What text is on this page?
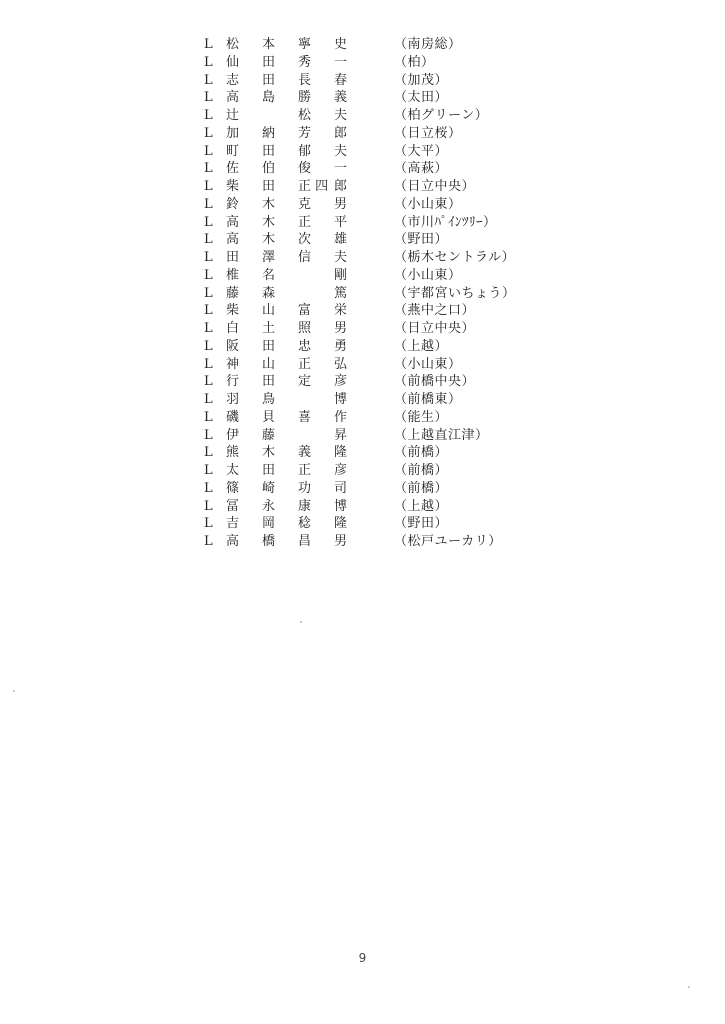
L 松 本 寧 史	（南房総）
L 仙 田 秀 一	（柏）
L 志 田 長 春	（加茂）
L 高 島 勝 義	（太田）
L 辻	松 夫	（柏グリーン）
L 加 納 芳 郎	（日立桜）
L 町 田 郁 夫	（大平）
L 佐 伯 俊 一	（高萩）
L 柴 田 正 四 郎	（日立中央）
L 鈴 木 克 男	（小山東）
L 高 木 正 平	（市川ﾊﾟｲﾝﾂﾘｰ）
L 高 木 次 雄	（野田）
L 田 澤 信 夫	（栃木セントラル）
L 椎 名	剛	（小山東）
L 藤 森	篤	（宇都宮いちょう）
L 柴 山 富 栄	（燕中之口）
L 白 土 照 男	（日立中央）
L 阪 田 忠 勇	（上越）
L 神 山 正 弘	（小山東）
L 行 田 定 彦	（前橋中央）
L 羽 鳥	博	（前橋東）
L 磯 貝 喜 作	（能生）
L 伊 藤	昇	（上越直江津）
L 熊 木 義 隆	（前橋）
L 太 田 正 彦	（前橋）
L 篠 崎 功 司	（前橋）
L 冨 永 康 博	（上越）
L 吉 岡 稔 隆	（野田）
L 高 橋 昌 男	（松戸ユーカリ）
9
